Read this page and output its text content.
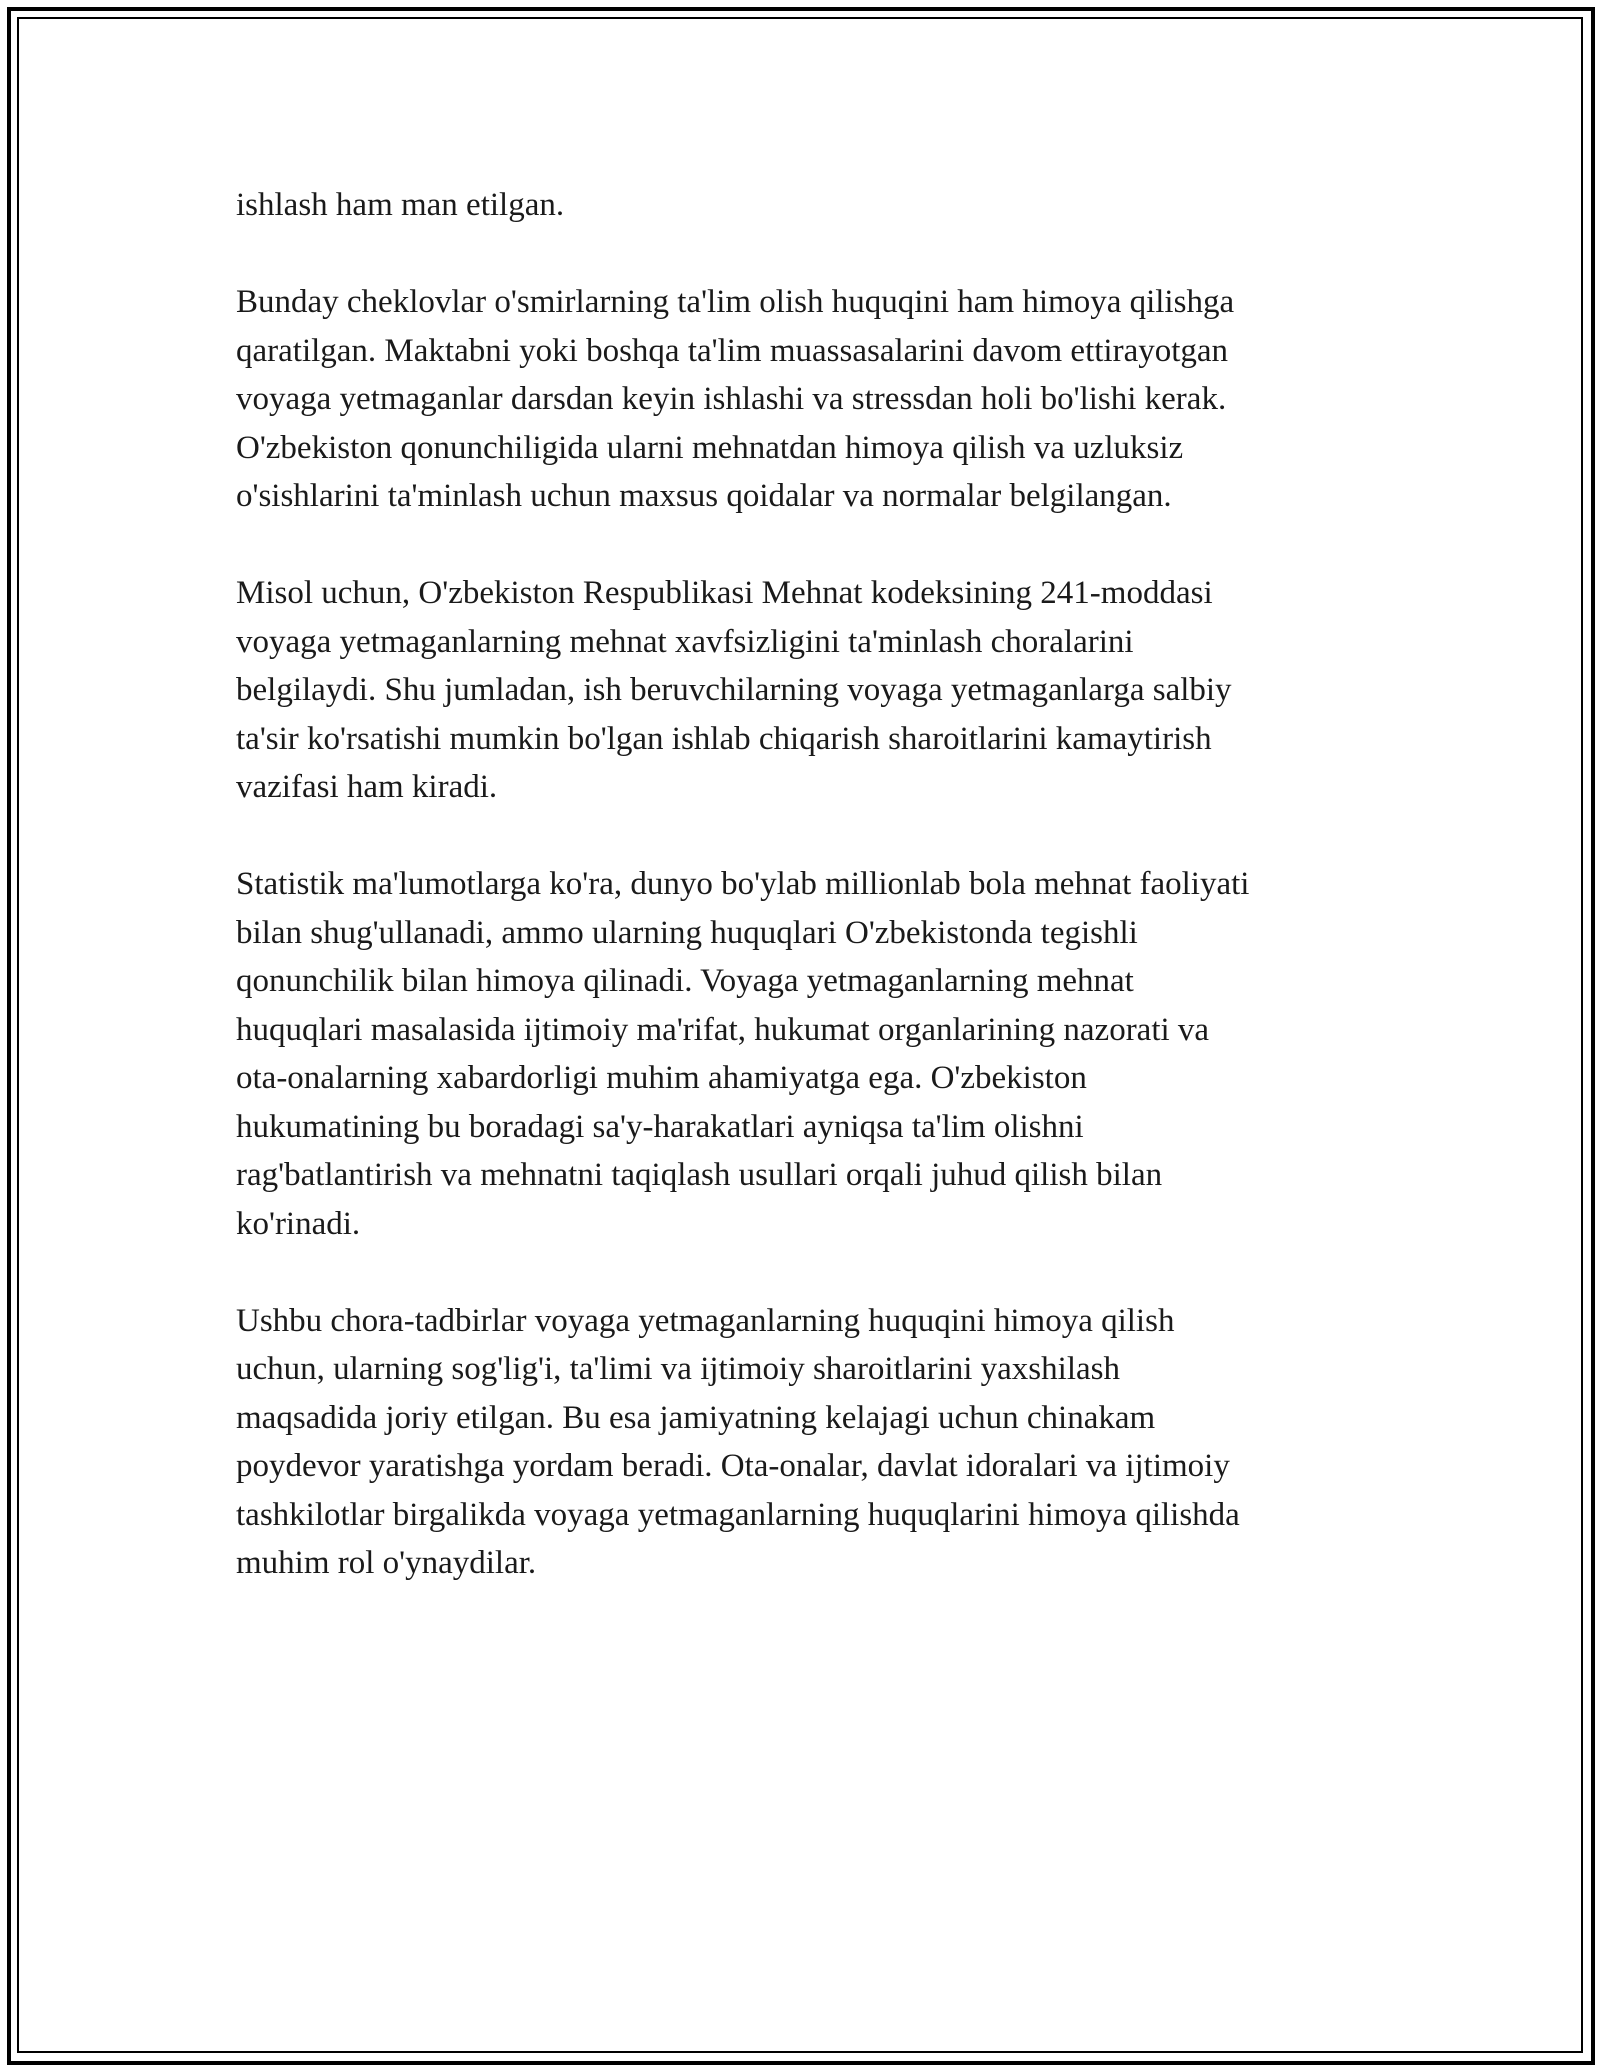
ishlash ham man etilgan.

Bunday cheklovlar o'smirlarning ta'lim olish huquqini ham himoya qilishga
qaratilgan. Maktabni yoki boshqa ta'lim muassasalarini davom ettirayotgan
voyaga yetmaganlar darsdan keyin ishlashi va stressdan holi bo'lishi kerak.
O'zbekiston qonunchiligida ularni mehnatdan himoya qilish va uzluksiz
o'sishlarini ta'minlash uchun maxsus qoidalar va normalar belgilangan.

Misol uchun, O'zbekiston Respublikasi Mehnat kodeksining 241-moddasi
voyaga yetmaganlarning mehnat xavfsizligini ta'minlash choralarini
belgilaydi. Shu jumladan, ish beruvchilarning voyaga yetmaganlarga salbiy
ta'sir ko'rsatishi mumkin bo'lgan ishlab chiqarish sharoitlarini kamaytirish
vazifasi ham kiradi.

Statistik ma'lumotlarga ko'ra, dunyo bo'ylab millionlab bola mehnat faoliyati
bilan shug'ullanadi, ammo ularning huquqlari O'zbekistonda tegishli
qonunchilik bilan himoya qilinadi. Voyaga yetmaganlarning mehnat
huquqlari masalasida ijtimoiy ma'rifat, hukumat organlarining nazorati va
ota-onalarning xabardorligi muhim ahamiyatga ega. O'zbekiston
hukumatining bu boradagi sa'y-harakatlari ayniqsa ta'lim olishni
rag'batlantirish va mehnatni taqiqlash usullari orqali juhud qilish bilan
ko'rinadi.

Ushbu chora-tadbirlar voyaga yetmaganlarning huquqini himoya qilish
uchun, ularning sog'lig'i, ta'limi va ijtimoiy sharoitlarini yaxshilash
maqsadida joriy etilgan. Bu esa jamiyatning kelajagi uchun chinakam
poydevor yaratishga yordam beradi. Ota-onalar, davlat idoralari va ijtimoiy
tashkilotlar birgalikda voyaga yetmaganlarning huquqlarini himoya qilishda
muhim rol o'ynaydilar.
